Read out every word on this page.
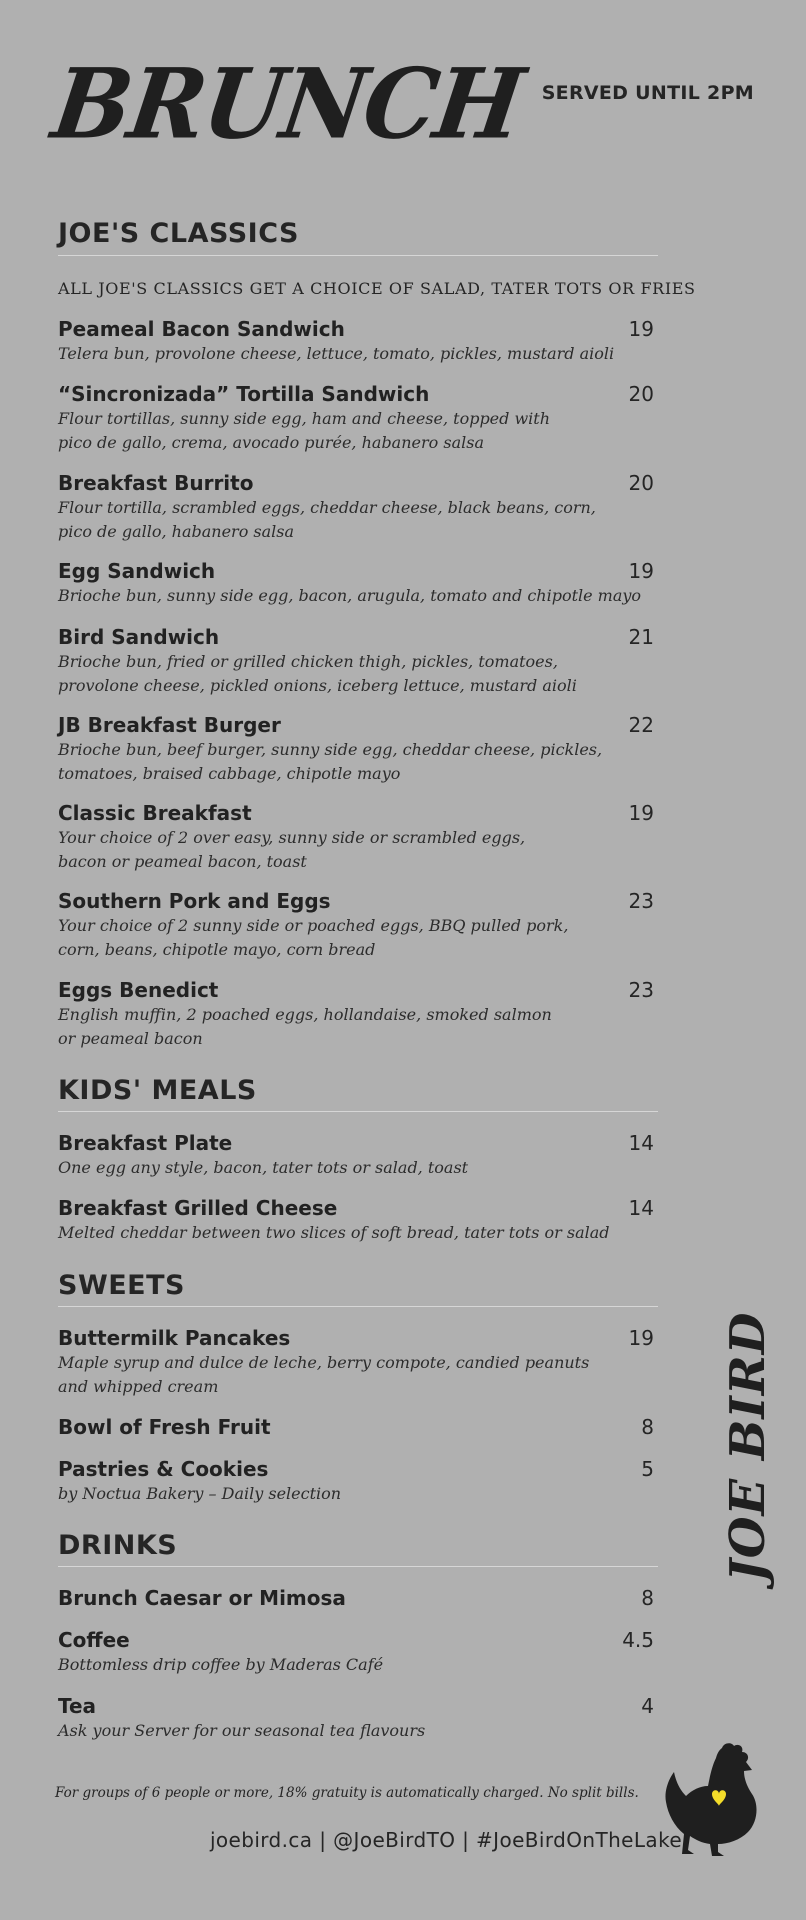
BRUNCH SERVED UNTIL 2PM
JOE'S CLASSICS
ALL JOE'S CLASSICS GET A CHOICE OF SALAD, TATER TOTS OR FRIES
Peameal Bacon Sandwich	19
Telera bun, provolone cheese, lettuce, tomato, pickles, mustard aioli
“Sincronizada” Tortilla Sandwich	20
Flour tortillas, sunny side egg, ham and cheese, topped with
pico de gallo, crema, avocado purée, habanero salsa
Breakfast Burrito	20
Flour tortilla, scrambled eggs, cheddar cheese, black beans, corn,
pico de gallo, habanero salsa
Egg Sandwich	19
Brioche bun, sunny side egg, bacon, arugula, tomato and chipotle mayo
Bird Sandwich	21
Brioche bun, fried or grilled chicken thigh, pickles, tomatoes,
provolone cheese, pickled onions, iceberg lettuce, mustard aioli
JB Breakfast Burger	22
Brioche bun, beef burger, sunny side egg, cheddar cheese, pickles,
tomatoes, braised cabbage, chipotle mayo
Classic Breakfast	19
Your choice of 2 over easy, sunny side or scrambled eggs,
bacon or peameal bacon, toast
Southern Pork and Eggs	23
Your choice of 2 sunny side or poached eggs, BBQ pulled pork,
corn, beans, chipotle mayo, corn bread
Eggs Benedict	23
English muffin, 2 poached eggs, hollandaise, smoked salmon
or peameal bacon
KIDS' MEALS
Breakfast Plate	14
One egg any style, bacon, tater tots or salad, toast
Breakfast Grilled Cheese	14
Melted cheddar between two slices of soft bread, tater tots or salad
SWEETS
Buttermilk Pancakes	19
Maple syrup and dulce de leche, berry compote, candied peanuts
and whipped cream
Bowl of Fresh Fruit	8
Pastries & Cookies	5
by Noctua Bakery – Daily selection
DRINKS
Brunch Caesar or Mimosa	8
Coffee	4.5
Bottomless drip coffee by Maderas Café
Tea	4
Ask your Server for our seasonal tea flavours
JOE BIRD
For groups of 6 people or more, 18% gratuity is automatically charged. No split bills.
joebird.ca | @JoeBirdTO | #JoeBirdOnTheLake
